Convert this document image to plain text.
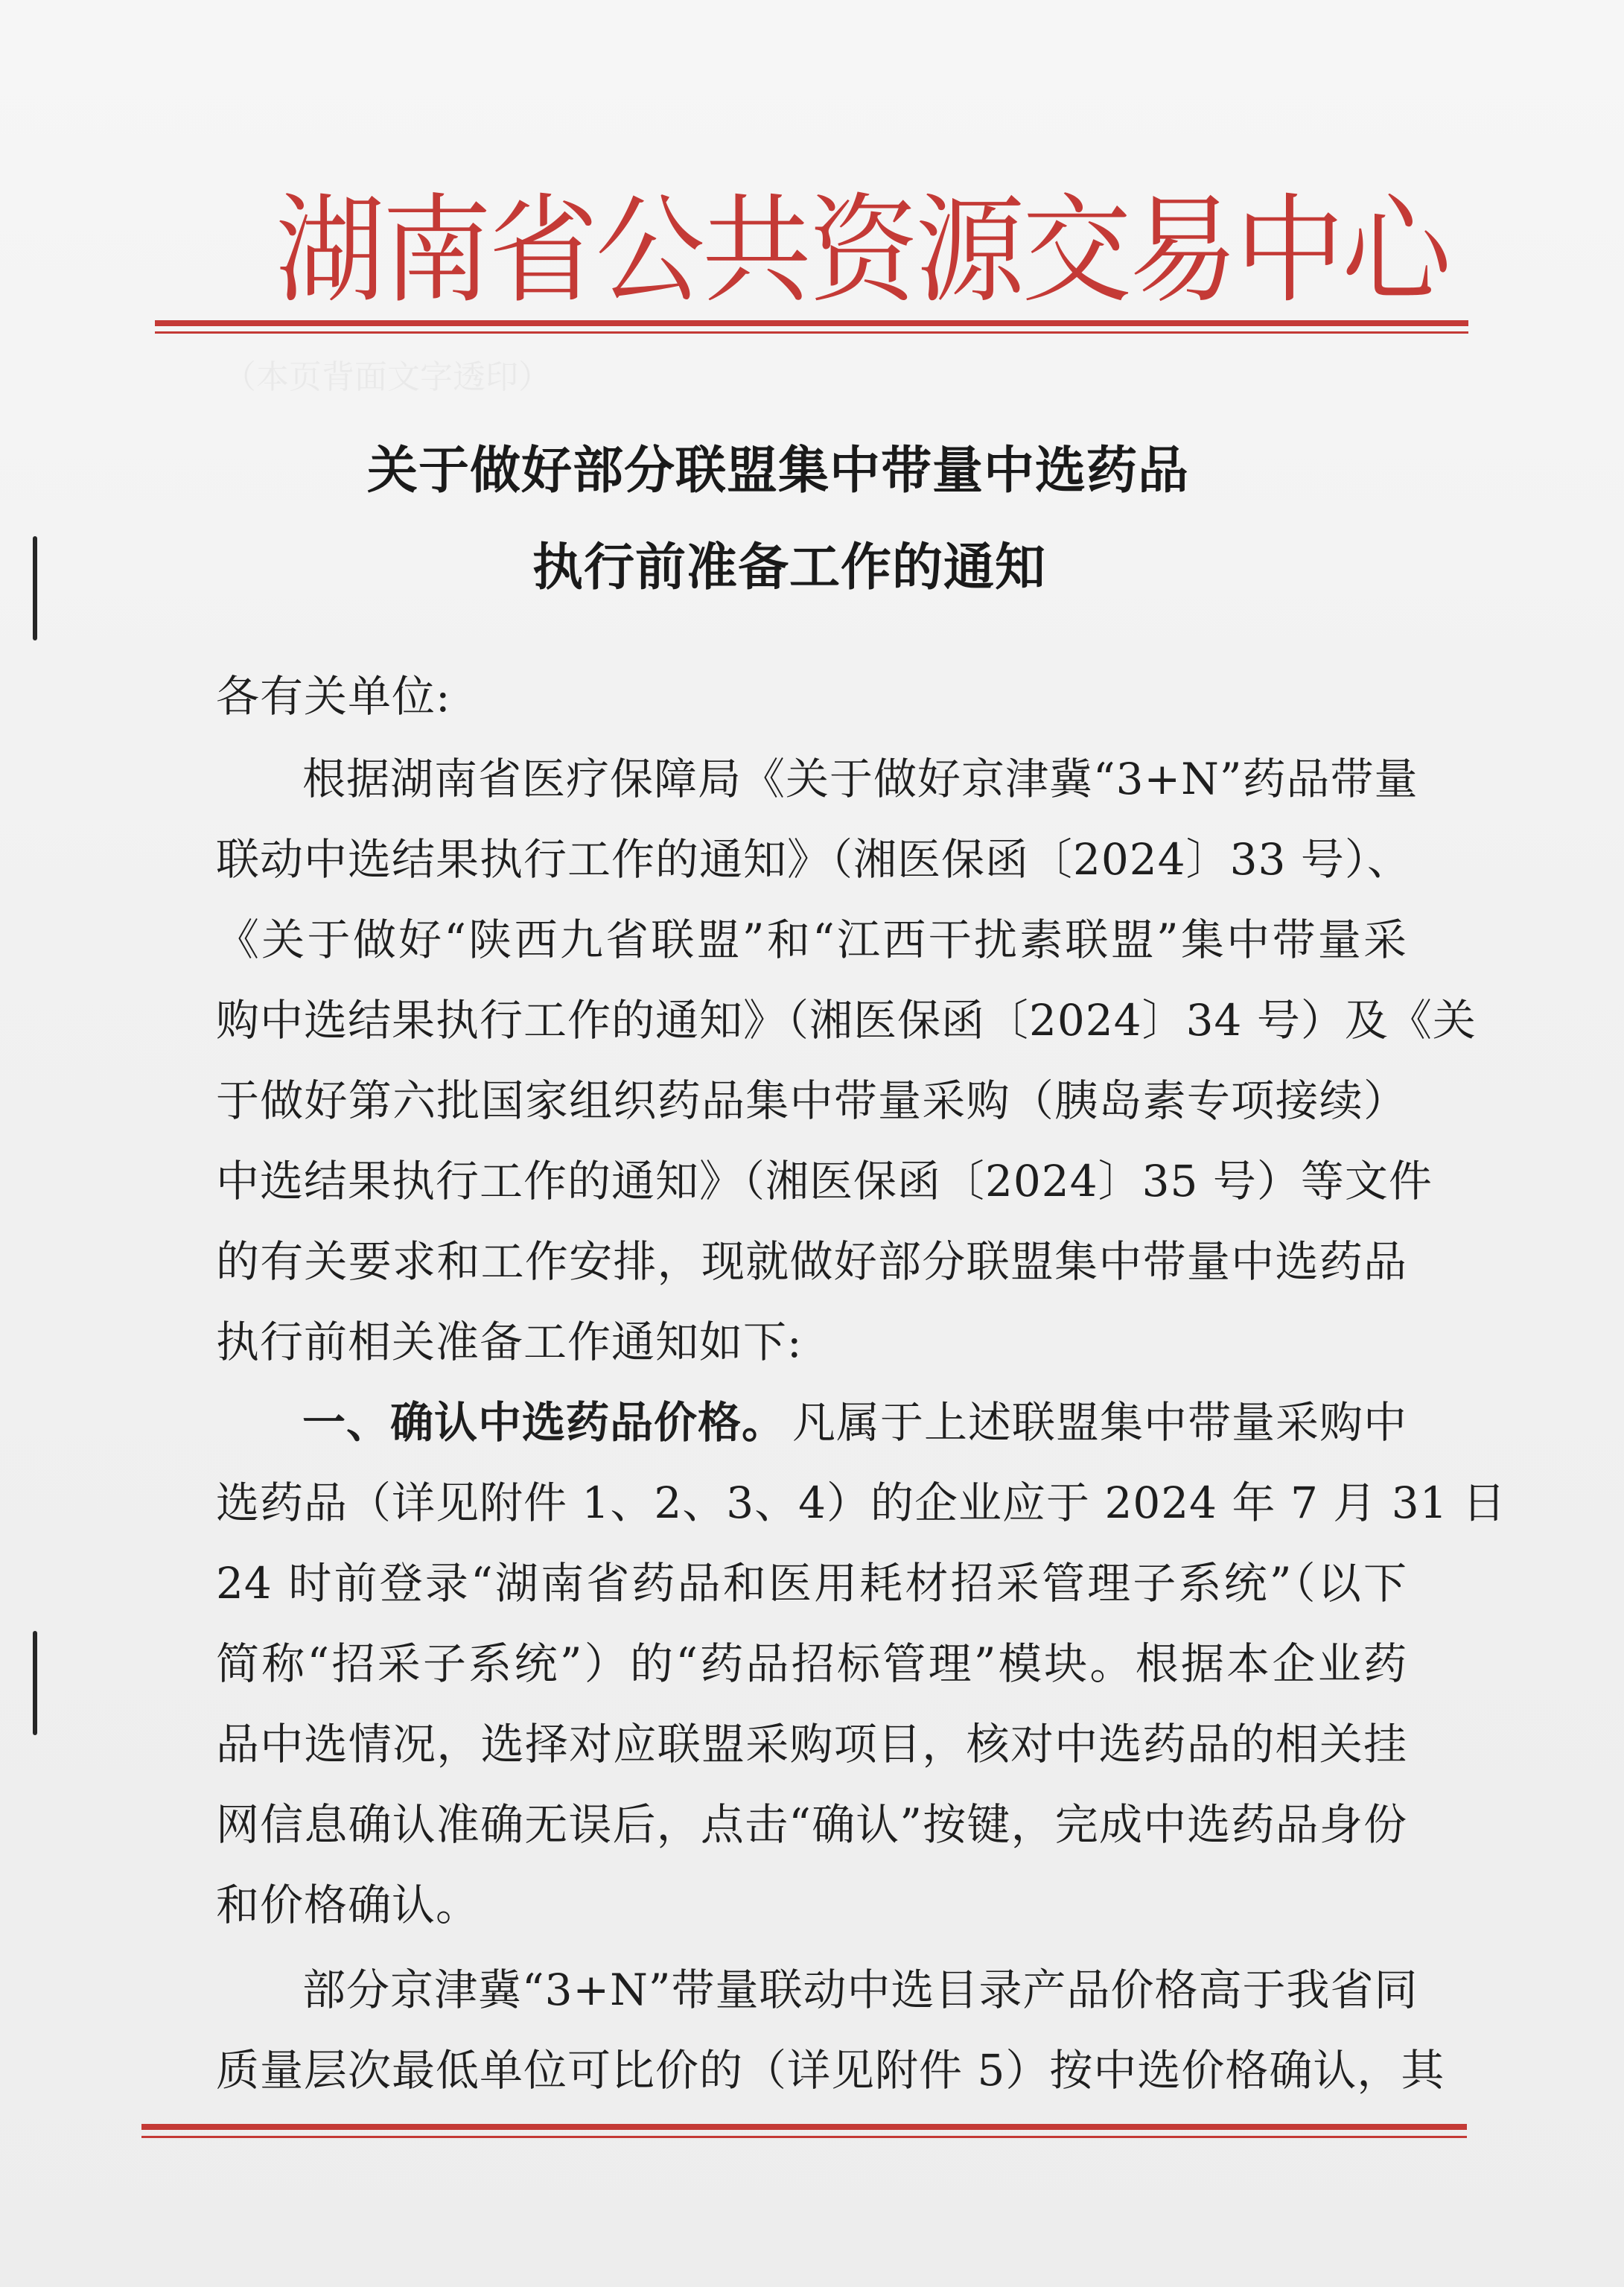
湖南省公共资源交易中心
关于做好部分联盟集中带量中选药品
执行前准备工作的通知
各有关单位:
根据湖南省医疗保障局《关于做好京津冀“3+N”药品带量
联动中选结果执行工作的通知》（湘医保函〔2024〕33 号）、
《关于做好“陕西九省联盟”和“江西干扰素联盟”集中带量采
购中选结果执行工作的通知》（湘医保函〔2024〕34 号）及《关
于做好第六批国家组织药品集中带量采购（胰岛素专项接续）
中选结果执行工作的通知》（湘医保函〔2024〕35 号）等文件
的有关要求和工作安排，现就做好部分联盟集中带量中选药品
执行前相关准备工作通知如下:
一、确认中选药品价格。 凡属于上述联盟集中带量采购中
选药品（详见附件 1、2、3、4）的企业应于 2024 年 7 月 31 日
24 时前登录“湖南省药品和医用耗材招采管理子系统”（以下
简称“招采子系统”）的“药品招标管理”模块。根据本企业药
品中选情况，选择对应联盟采购项目，核对中选药品的相关挂
网信息确认准确无误后，点击“确认”按键，完成中选药品身份
和价格确认。
部分京津冀“3+N”带量联动中选目录产品价格高于我省同
质量层次最低单位可比价的（详见附件 5）按中选价格确认，其
